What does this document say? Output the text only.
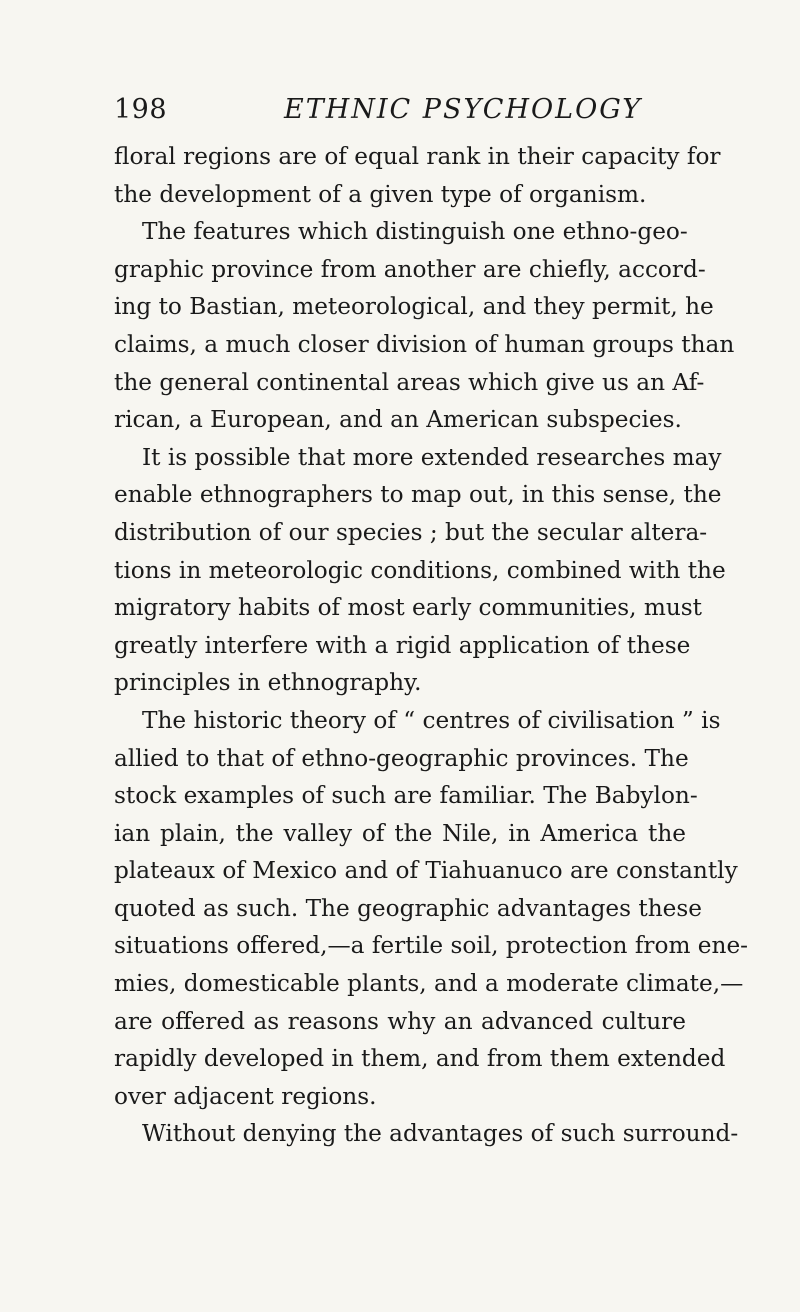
198	ETHNIC PSYCHOLOGY
floral regions are of equal rank in their capacity for
the development of a given type of organism.
The features which distinguish one ethno-geo-
graphic province from another are chiefly, accord-
ing to Bastian, meteorological, and they permit, he
claims, a much closer division of human groups than
the general continental areas which give us an Af-
rican, a European, and an American subspecies.
It is possible that more extended researches may
enable ethnographers to map out, in this sense, the
distribution of our species ; but the secular altera-
tions in meteorologic conditions, combined with the
migratory habits of most early communities, must
greatly interfere with a rigid application of these
principles in ethnography.
The historic theory of “ centres of civilisation ” is
allied to that of ethno-geographic provinces. The
stock examples of such are familiar. The Babylon-
ian plain, the valley of the Nile, in America the
plateaux of Mexico and of Tiahuanuco are constantly
quoted as such. The geographic advantages these
situations offered,—a fertile soil, protection from ene-
mies, domesticable plants, and a moderate climate,—
are offered as reasons why an advanced culture
rapidly developed in them, and from them extended
over adjacent regions.
Without denying the advantages of such surround-
